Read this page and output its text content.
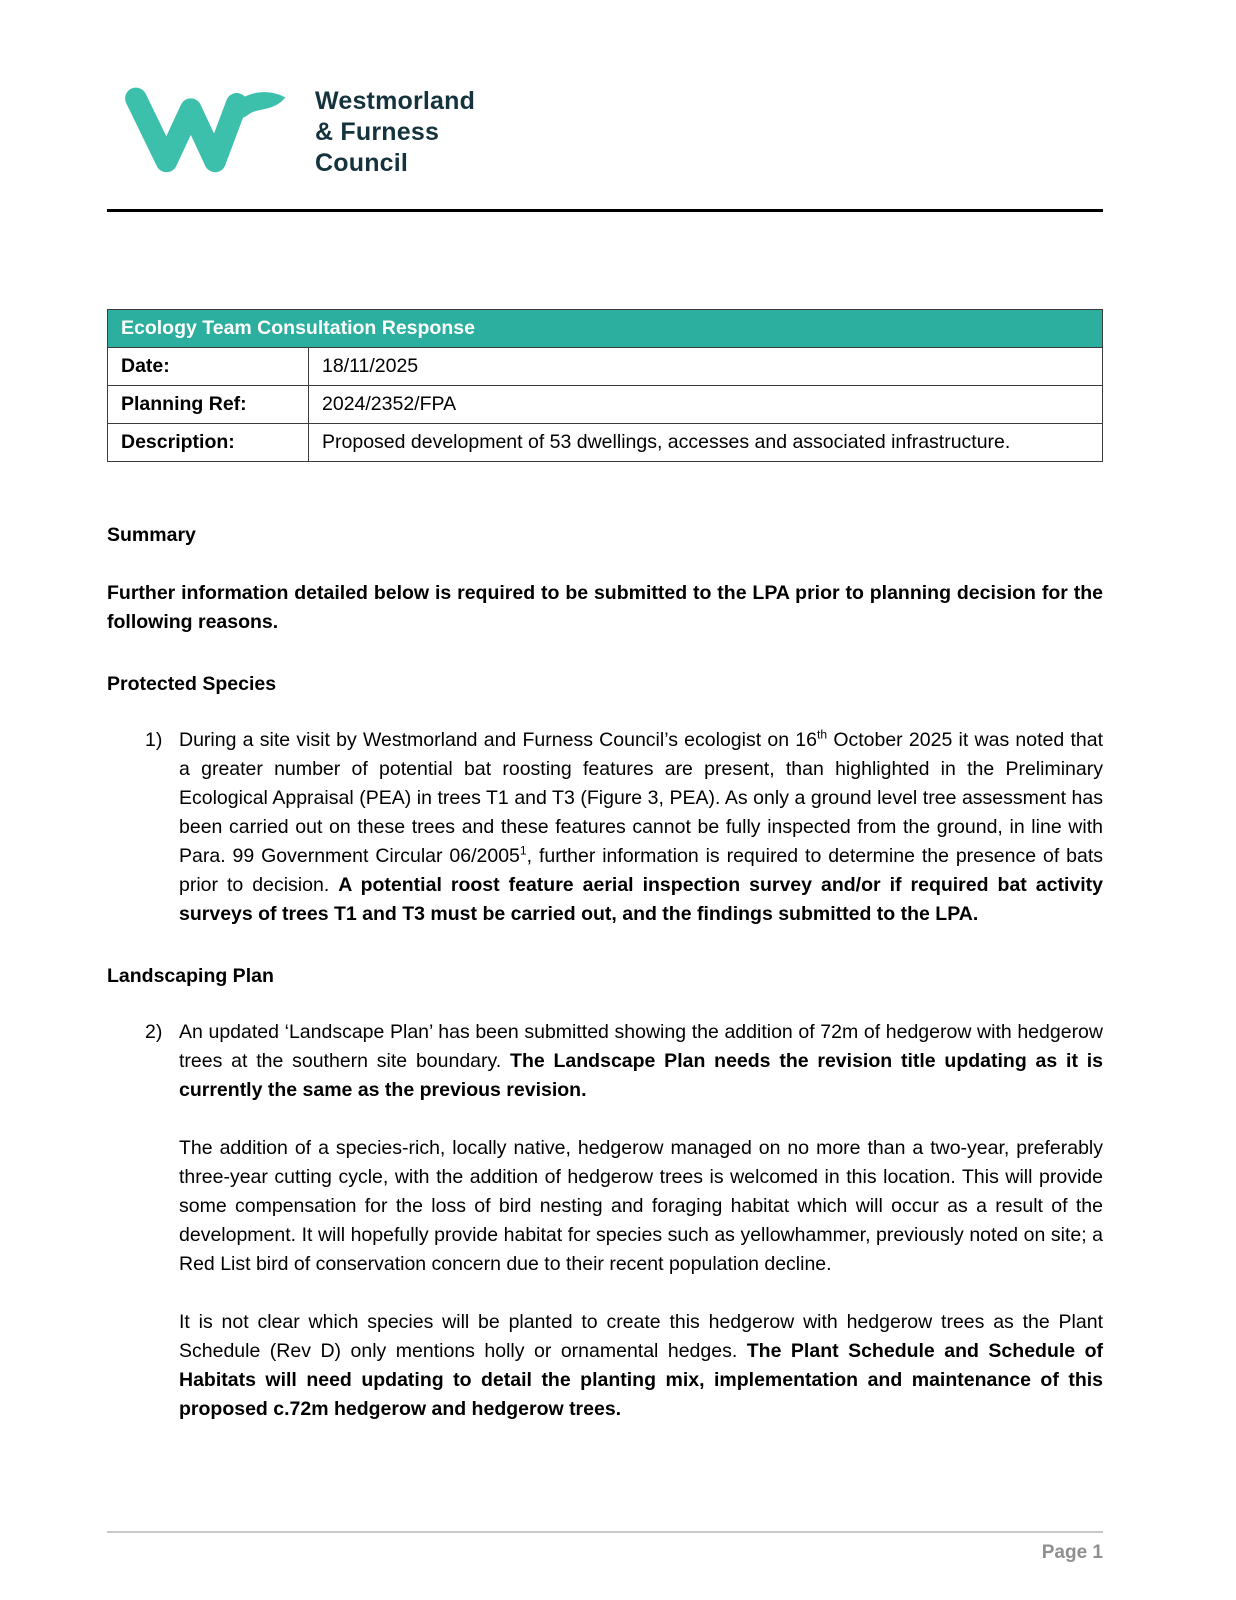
Westmorland
& Furness
Council
Ecology Team Consultation Response	
Date:	18/11/2025
Planning Ref:	2024/2352/FPA
Description:	Proposed development of 53 dwellings, accesses and associated infrastructure.
Summary

Further information detailed below is required to be submitted to the LPA prior to planning decision for the following reasons.

Protected Species
1) During a site visit by Westmorland and Furness Council’s ecologist on 16th October 2025 it was noted that a greater number of potential bat roosting features are present, than highlighted in the Preliminary Ecological Appraisal (PEA) in trees T1 and T3 (Figure 3, PEA). As only a ground level tree assessment has been carried out on these trees and these features cannot be fully inspected from the ground, in line with Para. 99 Government Circular 06/2005$^1$, further information is required to determine the presence of bats prior to decision. A potential roost feature aerial inspection survey and/or if required bat activity surveys of trees T1 and T3 must be carried out, and the findings submitted to the LPA.

Landscaping Plan
2) An updated ‘Landscape Plan’ has been submitted showing the addition of 72m of hedgerow with hedgerow trees at the southern site boundary. The Landscape Plan needs the revision title updating as it is currently the same as the previous revision.

The addition of a species-rich, locally native, hedgerow managed on no more than a two-year, preferably three-year cutting cycle, with the addition of hedgerow trees is welcomed in this location. This will provide some compensation for the loss of bird nesting and foraging habitat which will occur as a result of the development. It will hopefully provide habitat for species such as yellowhammer, previously noted on site; a Red List bird of conservation concern due to their recent population decline.

It is not clear which species will be planted to create this hedgerow with hedgerow trees as the Plant Schedule (Rev D) only mentions holly or ornamental hedges. The Plant Schedule and Schedule of Habitats will need updating to detail the planting mix, implementation and maintenance of this proposed c.72m hedgerow and hedgerow trees.

Page 1
